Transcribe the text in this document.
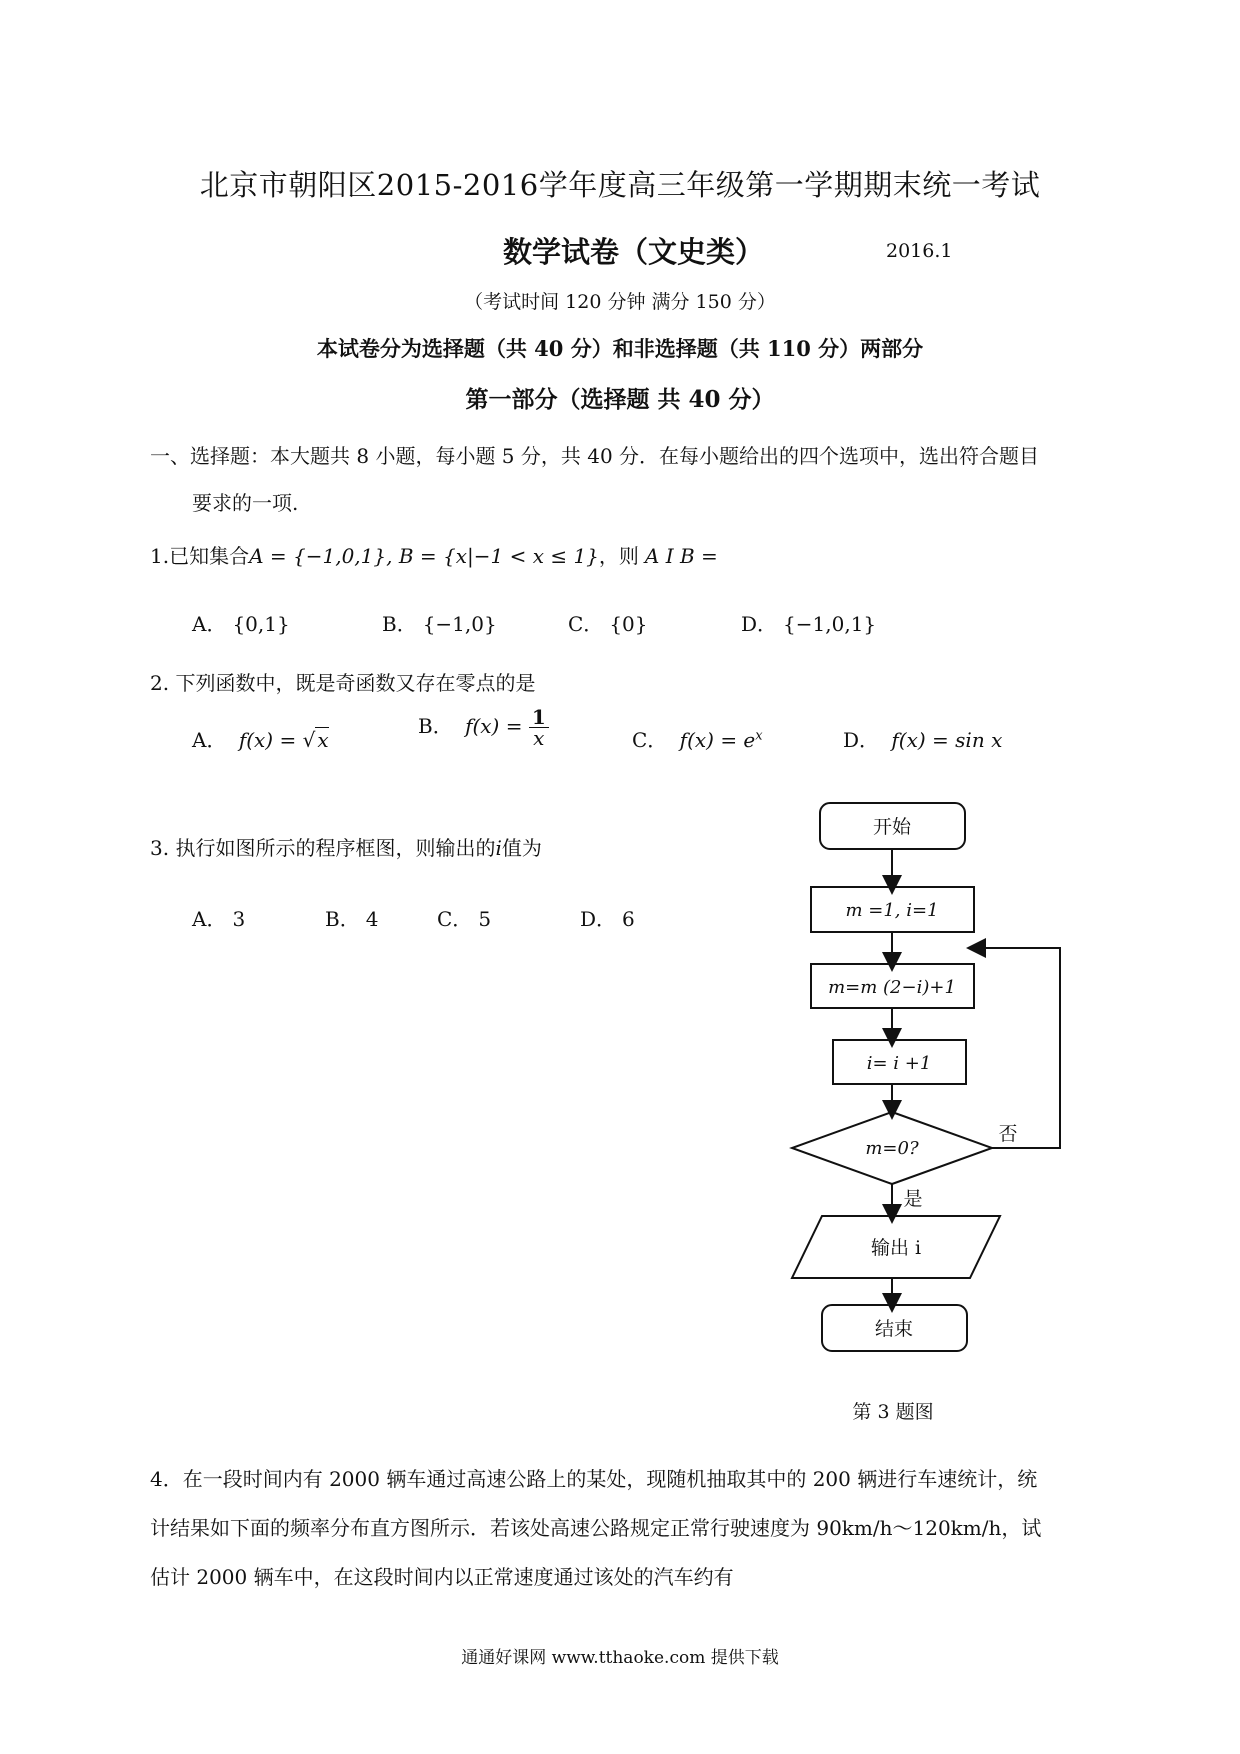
北京市朝阳区2015-2016学年度高三年级第一学期期末统一考试
数学试卷（文史类）	2016.1
（考试时间 120 分钟 满分 150 分）
本试卷分为选择题（共 40 分）和非选择题（共 110 分）两部分
第一部分（选择题 共 40 分）
一、选择题：本大题共 8 小题，每小题 5 分，共 40 分．在每小题给出的四个选项中，选出符合题目
要求的一项.
1.已知集合A = {−1,0,1}, B = {x|−1 < x ≤ 1}，则 A I B =
A． {0,1}	B． {−1,0}	C． {0}	D． {−1,0,1}
2. 下列函数中，既是奇函数又存在零点的是
A． f(x) = √ x
B． $f(x) = \frac{1}{x}$	C． $f(x) = e^x$	D． f(x) = sin x
3. 执行如图所示的程序框图，则输出的i值为
A． 3	B． 4	C． 5	D． 6
开始
m =1, i=1
m=m (2−i)+1
i= i +1
m=0?
否
是
输出 i
结束
第 3 题图
4．在一段时间内有 2000 辆车通过高速公路上的某处，现随机抽取其中的 200 辆进行车速统计，统
计结果如下面的频率分布直方图所示．若该处高速公路规定正常行驶速度为 90km/h～120km/h，试
估计 2000 辆车中，在这段时间内以正常速度通过该处的汽车约有
通通好课网 www.tthaoke.com 提供下载
